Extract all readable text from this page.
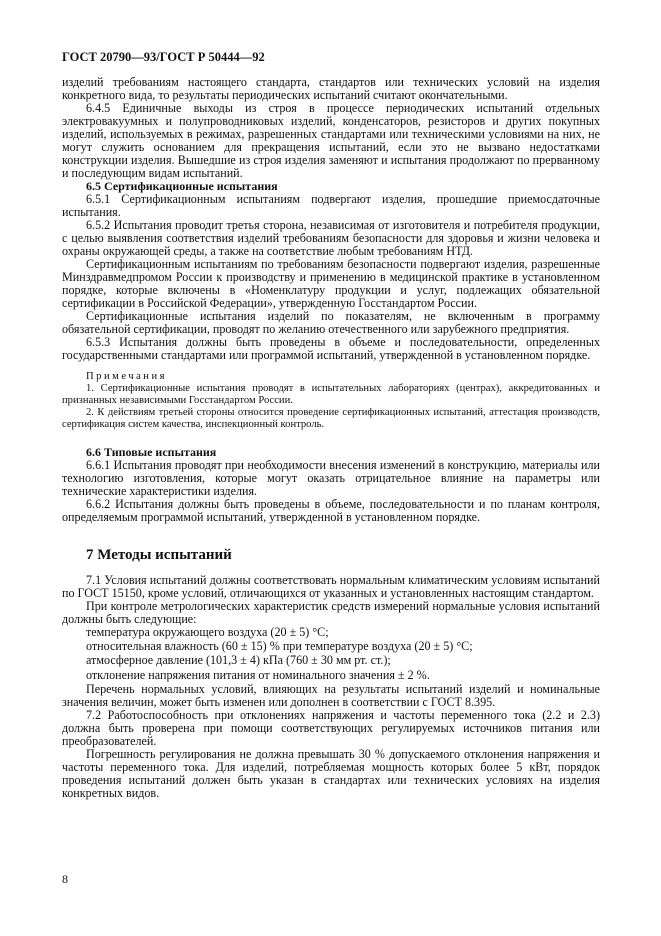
ГОСТ 20790—93/ГОСТ Р 50444—92

изделий требованиям настоящего стандарта, стандартов или технических условий на изделия конкретного вида, то результаты периодических испытаний считают окончательными.

6.4.5 Единичные выходы из строя в процессе периодических испытаний отдельных электровакуумных и полупроводниковых изделий, конденсаторов, резисторов и других покупных изделий, используемых в режимах, разрешенных стандартами или техническими условиями на них, не могут служить основанием для прекращения испытаний, если это не вызвано недостатками конструкции изделия. Вышедшие из строя изделия заменяют и испытания продолжают по прерванному и последующим видам испытаний.

6.5 Сертификационные испытания

6.5.1 Сертификационным испытаниям подвергают изделия, прошедшие приемосдаточные испытания.

6.5.2 Испытания проводит третья сторона, независимая от изготовителя и потребителя продукции, с целью выявления соответствия изделий требованиям безопасности для здоровья и жизни человека и охраны окружающей среды, а также на соответствие любым требованиям НТД.

Сертификационным испытаниям по требованиям безопасности подвергают изделия, разрешенные Минздравмедпромом России к производству и применению в медицинской практике в установленном порядке, которые включены в «Номенклатуру продукции и услуг, подлежащих обязательной сертификации в Российской Федерации», утвержденную Госстандартом России.

Сертификационные испытания изделий по показателям, не включенным в программу обязательной сертификации, проводят по желанию отечественного или зарубежного предприятия.

6.5.3 Испытания должны быть проведены в объеме и последовательности, определенных государственными стандартами или программой испытаний, утвержденной в установленном порядке.

Примечания

1. Сертификационные испытания проводят в испытательных лабораториях (центрах), аккредитованных и признанных независимыми Госстандартом России.

2. К действиям третьей стороны относится проведение сертификационных испытаний, аттестация производств, сертификация систем качества, инспекционный контроль.

6.6 Типовые испытания

6.6.1 Испытания проводят при необходимости внесения изменений в конструкцию, материалы или технологию изготовления, которые могут оказать отрицательное влияние на параметры или технические характеристики изделия.

6.6.2 Испытания должны быть проведены в объеме, последовательности и по планам контроля, определяемым программой испытаний, утвержденной в установленном порядке.

7 Методы испытаний

7.1 Условия испытаний должны соответствовать нормальным климатическим условиям испытаний по ГОСТ 15150, кроме условий, отличающихся от указанных и установленных настоящим стандартом.

При контроле метрологических характеристик средств измерений нормальные условия испытаний должны быть следующие:

температура окружающего воздуха (20 ± 5) °С;

относительная влажность (60 ± 15) % при температуре воздуха (20 ± 5) °С;

атмосферное давление (101,3 ± 4) кПа (760 ± 30 мм рт. ст.);

отклонение напряжения питания от номинального значения ± 2 %.

Перечень нормальных условий, влияющих на результаты испытаний изделий и номинальные значения величин, может быть изменен или дополнен в соответствии с ГОСТ 8.395.

7.2 Работоспособность при отклонениях напряжения и частоты переменного тока (2.2 и 2.3) должна быть проверена при помощи соответствующих регулируемых источников питания или преобразователей.

Погрешность регулирования не должна превышать 30 % допускаемого отклонения напряжения и частоты переменного тока. Для изделий, потребляемая мощность которых более 5 кВт, порядок проведения испытаний должен быть указан в стандартах или технических условиях на изделия конкретных видов.

8
